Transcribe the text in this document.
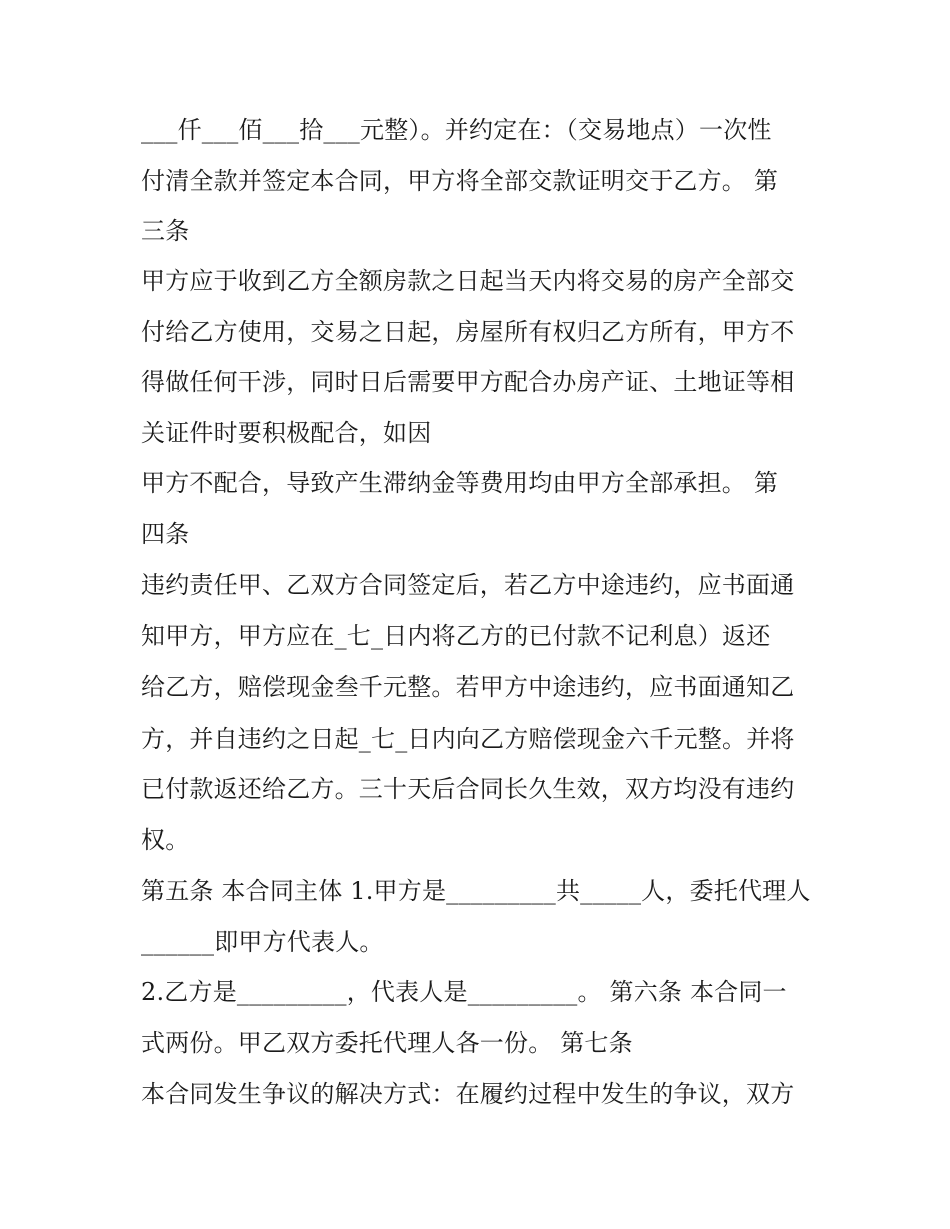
___仟___佰___拾___元整）。并约定在：（交易地点）一次性

付清全款并签定本合同，甲方将全部交款证明交于乙方。 第

三条

甲方应于收到乙方全额房款之日起当天内将交易的房产全部交

付给乙方使用，交易之日起，房屋所有权归乙方所有，甲方不

得做任何干涉，同时日后需要甲方配合办房产证、土地证等相

关证件时要积极配合，如因

甲方不配合，导致产生滞纳金等费用均由甲方全部承担。 第

四条

违约责任甲、乙双方合同签定后，若乙方中途违约，应书面通

知甲方，甲方应在_七_日内将乙方的已付款不记利息）返还

给乙方，赔偿现金叁千元整。若甲方中途违约，应书面通知乙

方，并自违约之日起_七_日内向乙方赔偿现金六千元整。并将

已付款返还给乙方。三十天后合同长久生效，双方均没有违约

权。

第五条 本合同主体 1.甲方是_________共_____人，委托代理人

______即甲方代表人。

2.乙方是_________，代表人是_________。 第六条 本合同一

式两份。甲乙双方委托代理人各一份。 第七条

本合同发生争议的解决方式：在履约过程中发生的争议，双方
